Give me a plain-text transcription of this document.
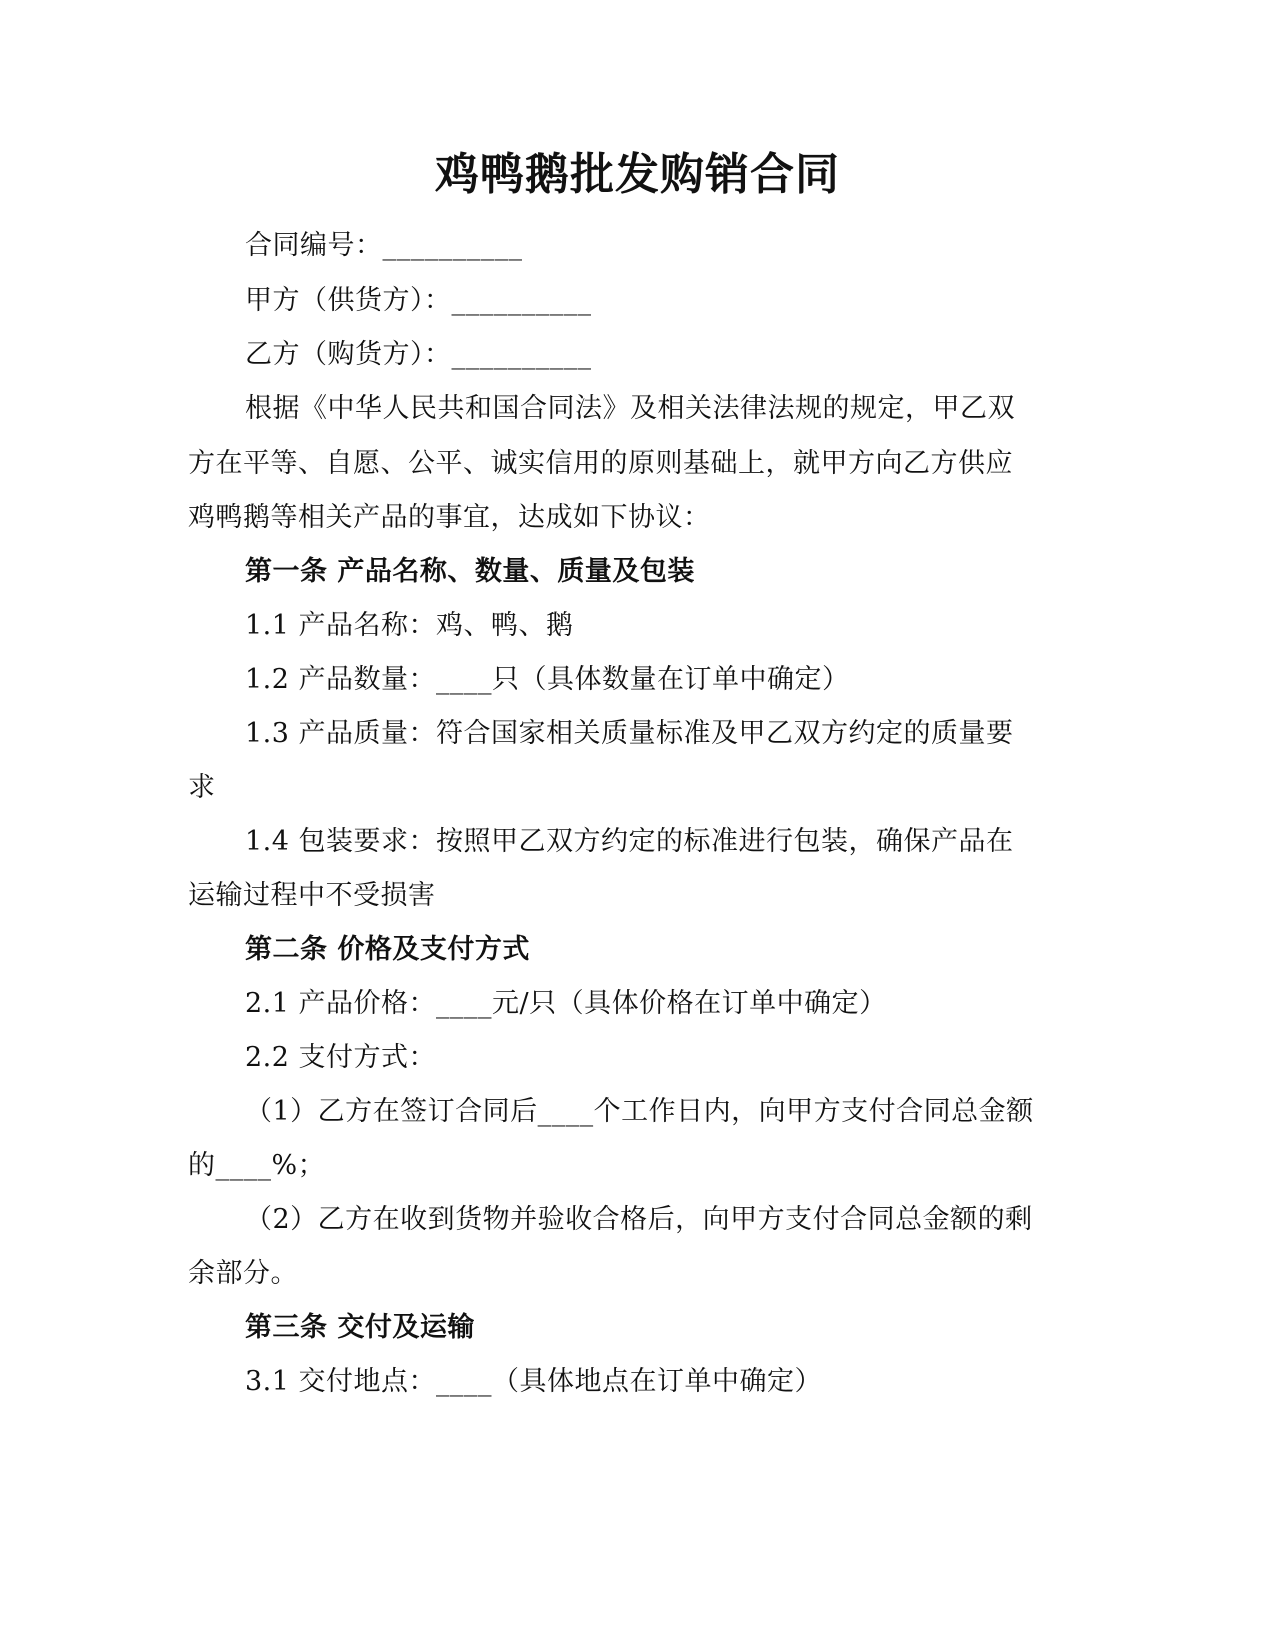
鸡鸭鹅批发购销合同
合同编号：__________
甲方（供货方）：__________
乙方（购货方）：__________
根据《中华人民共和国合同法》及相关法律法规的规定，甲乙双
方在平等、自愿、公平、诚实信用的原则基础上，就甲方向乙方供应
鸡鸭鹅等相关产品的事宜，达成如下协议：
第一条 产品名称、数量、质量及包装
1.1 产品名称：鸡、鸭、鹅
1.2 产品数量：____只（具体数量在订单中确定）
1.3 产品质量：符合国家相关质量标准及甲乙双方约定的质量要
求
1.4 包装要求：按照甲乙双方约定的标准进行包装，确保产品在
运输过程中不受损害
第二条 价格及支付方式
2.1 产品价格：____元/只（具体价格在订单中确定）
2.2 支付方式：
（1）乙方在签订合同后____个工作日内，向甲方支付合同总金额
的____%；
（2）乙方在收到货物并验收合格后，向甲方支付合同总金额的剩
余部分。
第三条 交付及运输
3.1 交付地点：____（具体地点在订单中确定）
